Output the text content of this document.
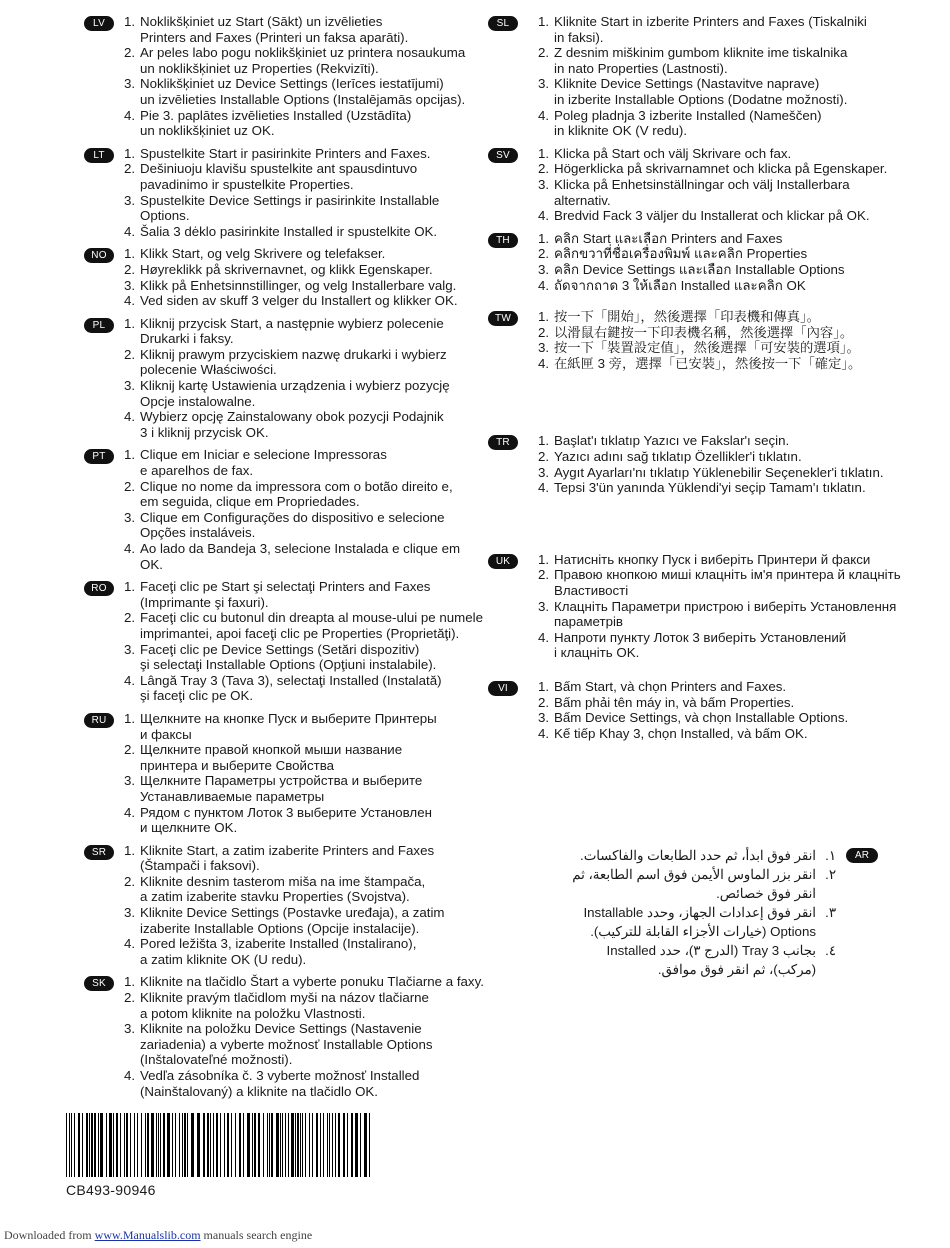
LV	1. Noklikšķiniet uz Start (Sākt) un izvēlieties
Printers and Faxes (Printeri un faksa aparāti).
2. Ar peles labo pogu noklikšķiniet uz printera nosaukuma
un noklikšķiniet uz Properties (Rekvizīti).
3. Noklikšķiniet uz Device Settings (Ierīces iestatījumi)
un izvēlieties Installable Options (Instalējamās opcijas).
4. Pie 3. paplātes izvēlieties Installed (Uzstādīta)
un noklikšķiniet uz OK.
LT	1. Spustelkite Start ir pasirinkite Printers and Faxes.
2. Dešiniuoju klavišu spustelkite ant spausdintuvo
pavadinimo ir spustelkite Properties.
3. Spustelkite Device Settings ir pasirinkite Installable Options.
4. Šalia 3 dėklo pasirinkite Installed ir spustelkite OK.
NO	1. Klikk Start, og velg Skrivere og telefakser.
2. Høyreklikk på skrivernavnet, og klikk Egenskaper.
3. Klikk på Enhetsinnstillinger, og velg Installerbare valg.
4. Ved siden av skuff 3 velger du Installert og klikker OK.
PL	1. Kliknij przycisk Start, a następnie wybierz polecenie
Drukarki i faksy.
2. Kliknij prawym przyciskiem nazwę drukarki i wybierz
polecenie Właściwości.
3. Kliknij kartę Ustawienia urządzenia i wybierz pozycję
Opcje instalowalne.
4. Wybierz opcję Zainstalowany obok pozycji Podajnik
3 i kliknij przycisk OK.
PT	1. Clique em Iniciar e selecione Impressoras
e aparelhos de fax.
2. Clique no nome da impressora com o botão direito e,
em seguida, clique em Propriedades.
3. Clique em Configurações do dispositivo e selecione
Opções instaláveis.
4. Ao lado da Bandeja 3, selecione Instalada e clique em OK.
RO	1. Faceţi clic pe Start şi selectaţi Printers and Faxes
(Imprimante şi faxuri).
2. Faceţi clic cu butonul din dreapta al mouse-ului pe numele
imprimantei, apoi faceţi clic pe Properties (Proprietăţi).
3. Faceţi clic pe Device Settings (Setări dispozitiv)
şi selectaţi Installable Options (Opţiuni instalabile).
4. Lângă Tray 3 (Tava 3), selectaţi Installed (Instalată)
şi faceţi clic pe OK.
RU	1. Щелкните на кнопке Пуск и выберите Принтеры
и факсы
2. Щелкните правой кнопкой мыши название
принтера и выберите Свойства
3. Щелкните Параметры устройства и выберите
Устанавливаемые параметры
4. Рядом с пунктом Лоток 3 выберите Установлен
и щелкните OK.
SR	1. Kliknite Start, a zatim izaberite Printers and Faxes
(Štampači i faksovi).
2. Kliknite desnim tasterom miša na ime štampača,
a zatim izaberite stavku Properties (Svojstva).
3. Kliknite Device Settings (Postavke uređaja), a zatim
izaberite Installable Options (Opcije instalacije).
4. Pored ležišta 3, izaberite Installed (Instalirano),
a zatim kliknite OK (U redu).
SK	1. Kliknite na tlačidlo Štart a vyberte ponuku Tlačiarne a faxy.
2. Kliknite pravým tlačidlom myši na názov tlačiarne
a potom kliknite na položku Vlastnosti.
3. Kliknite na položku Device Settings (Nastavenie
zariadenia) a vyberte možnosť Installable Options
(Inštalovateľné možnosti).
4. Vedľa zásobníka č. 3 vyberte možnosť Installed
(Nainštalovaný) a kliknite na tlačidlo OK.
SL	1. Kliknite Start in izberite Printers and Faxes (Tiskalniki
in faksi).
2. Z desnim miškinim gumbom kliknite ime tiskalnika
in nato Properties (Lastnosti).
3. Kliknite Device Settings (Nastavitve naprave)
in izberite Installable Options (Dodatne možnosti).
4. Poleg pladnja 3 izberite Installed (Nameščen)
in kliknite OK (V redu).
SV	1. Klicka på Start och välj Skrivare och fax.
2. Högerklicka på skrivarnamnet och klicka på Egenskaper.
3. Klicka på Enhetsinställningar och välj Installerbara
alternativ.
4. Bredvid Fack 3 väljer du Installerat och klickar på OK.
TH	1. คลิก Start และเลือก Printers and Faxes
2. คลิกขวาที่ชื่อเครื่องพิมพ์ และคลิก Properties
3. คลิก Device Settings และเลือก Installable Options
4. ถัดจากถาด 3 ให้เลือก Installed และคลิก OK
TW	1. 按一下「開始」，然後選擇「印表機和傳真」。
2. 以滑鼠右鍵按一下印表機名稱，然後選擇「內容」。
3. 按一下「裝置設定值」，然後選擇「可安裝的選項」。
4. 在紙匣 3 旁，選擇「已安裝」，然後按一下「確定」。
TR	1. Başlat'ı tıklatıp Yazıcı ve Fakslar'ı seçin.
2. Yazıcı adını sağ tıklatıp Özellikler'i tıklatın.
3. Aygıt Ayarları'nı tıklatıp Yüklenebilir Seçenekler'i tıklatın.
4. Tepsi 3'ün yanında Yüklendi'yi seçip Tamam'ı tıklatın.
UK	1. Натисніть кнопку Пуск і виберіть Принтери й факси
2. Правою кнопкою миші клацніть ім'я принтера й клацніть
Властивості
3. Клацніть Параметри пристрою і виберіть Установлення
параметрів
4. Напроти пункту Лоток 3 виберіть Установлений
і клацніть OK.
VI	1. Bấm Start, và chọn Printers and Faxes.
2. Bấm phải tên máy in, và bấm Properties.
3. Bấm Device Settings, và chọn Installable Options.
4. Kế tiếp Khay 3, chọn Installed, và bấm OK.
AR
١.
انقر فوق ابدأ، ثم حدد الطابعات والفاكسات.
٢.
انقر بزر الماوس الأيمن فوق اسم الطابعة، ثم انقر فوق خصائص.
٣.
انقر فوق إعدادات الجهاز، وحدد Installable Options (خيارات الأجزاء القابلة للتركيب).
٤.
بجانب Tray 3 (الدرج ٣)، حدد Installed (مركب)، ثم انقر فوق موافق.
CB493-90946
Downloaded from www.Manualslib.com manuals search engine
